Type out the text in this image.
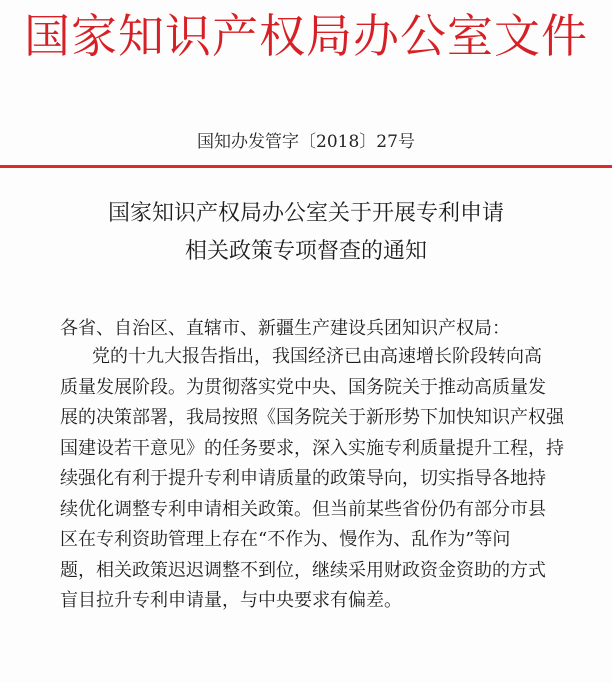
国家知识产权局办公室文件
国知办发管字〔2018〕27号
国家知识产权局办公室关于开展专利申请
相关政策专项督查的通知
各省、自治区、直辖市、新疆生产建设兵团知识产权局：
党的十九大报告指出，我国经济已由高速增长阶段转向高
质量发展阶段。为贯彻落实党中央、国务院关于推动高质量发
展的决策部署，我局按照《国务院关于新形势下加快知识产权强
国建设若干意见》的任务要求，深入实施专利质量提升工程，持
续强化有利于提升专利申请质量的政策导向，切实指导各地持
续优化调整专利申请相关政策。但当前某些省份仍有部分市县
区在专利资助管理上存在“不作为、慢作为、乱作为”等问
题，相关政策迟迟调整不到位，继续采用财政资金资助的方式
盲目拉升专利申请量，与中央要求有偏差。
